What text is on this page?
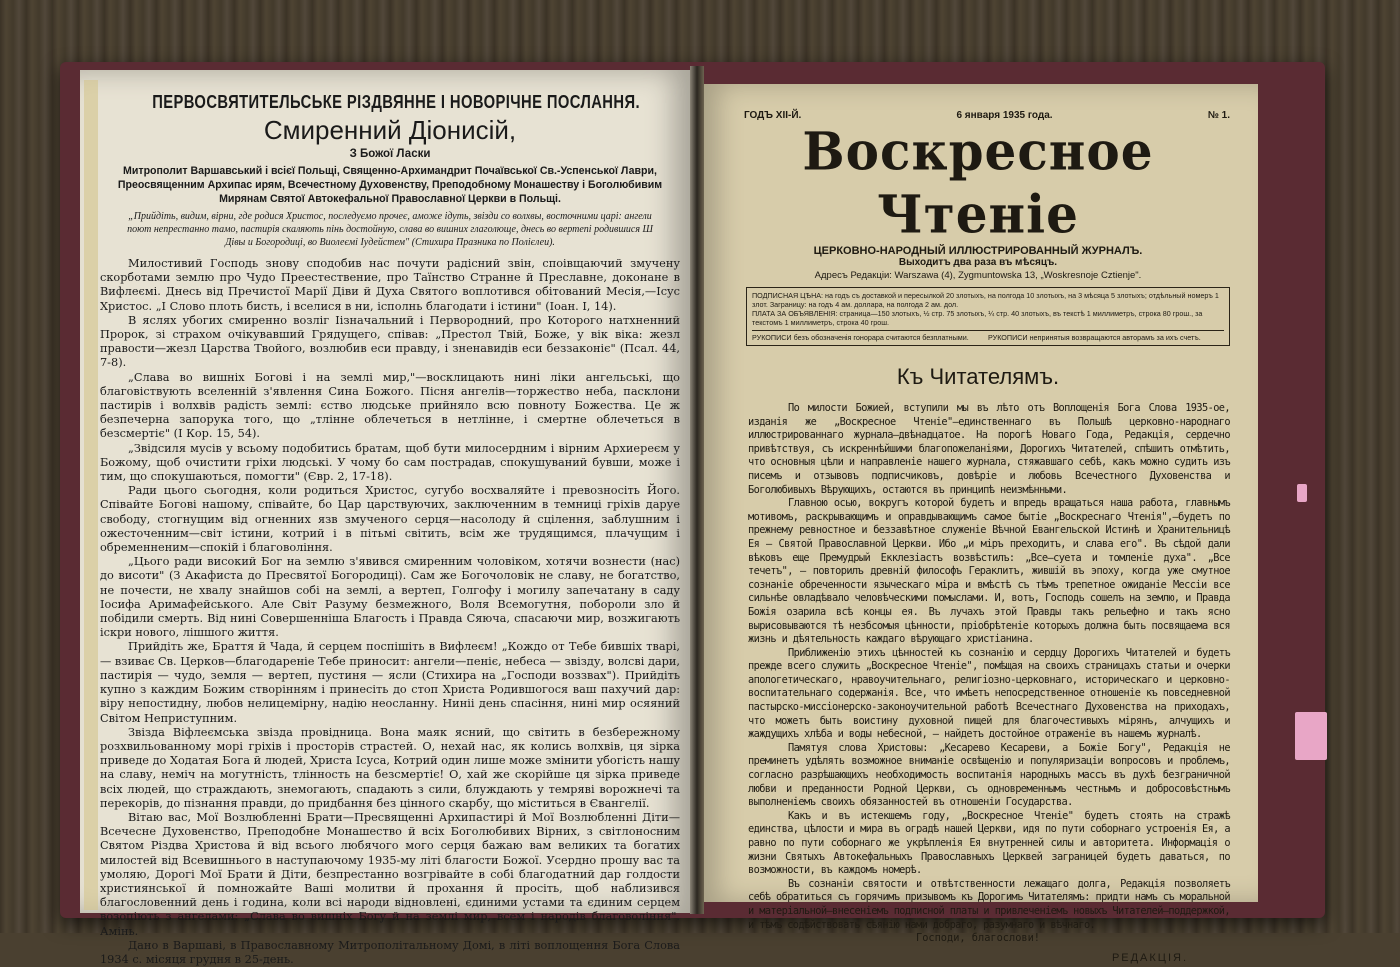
ПЕРВОСВЯТИТЕЛЬСЬКЕ РІЗДВЯННЕ І НОВОРІЧНЕ ПОСЛАННЯ.
Смиренний Діонисій,
З Божої Ласки
Митрополит Варшавський і всієї Польщі, Священно-Архимандрит Почаївської Св.-Успенської Лаври, Преосвященним Архипас ирям, Всечестному Духовенству, Преподобному Монашеству і Боголюбивим Мирянам Святої Автокефальної Православної Церкви в Польщі.
„Прийдіть, видим, вірни, где родися Христос, последуємо прочеє, аможе ідуть, звізди со волхвы, восточними царі: ангели поют непрестанно тамо, пастирія скаляють пінь достойную, слава во вишних глаголюще, днесь во вертепі родившися Ш Дівы и Богородиці, во Виолеємі Іудейстем" (Стихира Празника по Полієлеи).

Милостивий Господь знову сподобив нас почути радісний звін, споівщаючий змучену скорботами землю про Чудо Преестествение, про Таїнство Странне й Преславне, доконане в Вифлеємі. Днесь від Пречистої Марії Діви й Духа Святого воплотився обітований Месія,—Ісус Христос. „І Слово плоть бисть, і вселися в ни, ісполнь благодати і істини" (Іоан. І, 14).

В яслях убогих смиренно возліг Іізначальний і Первородний, про Которого натхненний Пророк, зі страхом очікувавший Грядущего, співав: „Престол Твій, Боже, у вік віка: жезл правости—жезл Царства Твойого, возлюбив еси правду, і зненавидів еси беззаконіє" (Псал. 44, 7-8).

„Слава во вишніх Богові і на землі мир,"—восклицають нині ліки ангельські, що благовіствують вселенній з'явлення Сина Божого. Пісня ангелів—торжество неба, пасклони пастирів і волхвів радість землі: єство людське прийняло всю повноту Божества. Це ж безпечерна запорука того, що „тлінне облечеться в нетлінне, і смертне облечеться в безсмертіє" (І Кор. 15, 54).

„Звідсиля мусів у всьому подобитись братам, щоб бути милосердним і вірним Архиереєм у Божому, щоб очистити гріхи людські. У чому бо сам пострадав, спокушуваний бувши, може і тим, що спокушаються, помогти" (Євр. 2, 17-18).

Ради цього сьогодня, коли родиться Христос, сугубо восхваляйте і превозносіть Його. Співайте Богові нашому, співайте, бо Цар царствуючих, заключенним в темниці гріхів даруе свободу, стогнущим від огненних язв змученого серця—насолоду й сцілення, заблушним і ожесточенним—світ істини, котрий і в пітьмі світить, всім же трудящимся, плачущим і обременненим—спокій і благовоління.

„Цього ради високий Бог на землю з'явився смиренним чоловіком, хотячи вознести (нас) до висоти" (З Акафиста до Пресвятої Богородиці). Сам же Богочоловік не славу, не богатство, не почести, не хвалу знайшов собі на землі, а вертеп, Голгофу і могилу запечатану в саду Іосифа Аримафейського. Але Світ Разуму безмежного, Воля Всемогутня, побороли зло й побідили смерть. Від нині Совершенніша Благость і Правда Сяюча, спасаючи мир, возжигають іскри нового, лішшого життя.

Прийдіть же, Браття й Чада, й серцем поспішіть в Вифлеєм! „Кождо от Тебе бившіх тварі, — взиває Св. Церков—благодареніе Тебе приносит: ангели—пеніє, небеса — звізду, волсві дари, пастирія — чудо, земля — вертеп, пустиня — ясли (Стихира на „Господи воззвах"). Прийдіть купно з каждим Божим створінням і принесіть до стоп Христа Родившогося ваш пахучий дар: віру непостидну, любов нелицемірну, надію неосланну. Ниніі день спасіння, нині мир осяяний Світом Неприступним.

Звізда Віфлеємська звізда провідница. Вона маяк ясний, що світить в безбережному розхвильованному морі гріхів і просторів страстей. О, нехай нас, як колись волхвів, ця зірка приведе до Ходатая Бога й людей, Христа Ісуса, Котрий один лише може змінити убогість нашу на славу, неміч на могутність, тлінность на безсмертіє! О, хай же скорійше ця зірка приведе всіх людей, що страждають, знемогають, спадають з сили, блуждають у темряві ворожнечі та перекорів, до пізнання правди, до придбання без цінного скарбу, що міститься в Євангелії.

Вітаю вас, Мої Возлюбленні Брати—Пресвященні Архипастирі й Мої Возлюбленні Діти—Всечесне Духовенство, Преподобне Монашество й всіх Боголюбивих Вірних, з світлоносним Святом Різдва Христова й від всього любячого мого серця бажаю вам великих та богатих милостей від Всевишнього в наступаючому 1935-му літі благости Божої. Усердно прошу вас та умоляю, Дорогі Мої Брати й Діти, безпрестанно возгрівайте в собі благодатний дар голдости християнської й помножайте Ваші молитви й прохання й просіть, щоб наблизився благословенний день і година, коли всі народи відновлені, єдиними устами та єдиним серцем возопіють з ангелами: „Слава во вишніх Богу й на землі мир, всем і народів благовоління". Амінь.

Дано в Варшаві, в Православному Митрополітальному Домі, в літі воплощення Бога Слова 1934 с. місяця грудня в 25-день.

ГОДЪ XII-Й.	6 января 1935 года.	№ 1.
Воскресное Чтеніе
ЦЕРКОВНО-НАРОДНЫЙ ИЛЛЮСТРИРОВАННЫЙ ЖУРНАЛЪ.
Выходитъ два раза въ мѣсяцъ.
Адресъ Редакціи: Warszawa (4), Zygmuntowska 13, „Woskresnoje Cztienje".
ПОДПИСНАЯ ЦѢНА: на годъ съ доставкой и пересылкой 20 злотыхъ, на полгода 10 злотыхъ, на 3 мѣсяца 5 злотыхъ; отдѣльный номеръ 1 злот. Заграницу: на годъ 4 ам. доллара, на полгода 2 ам. дол.
ПЛАТА ЗА ОБЪЯВЛЕНІЯ: страница—150 злотыхъ, ½ стр. 75 злотыхъ, ¼ стр. 40 злотыхъ, въ текстѣ 1 миллиметръ, строка 80 грош., за текстомъ 1 миллиметръ, строка 40 грош.
РУКОПИСИ безъ обозначенія гонорара считаются безплатными.	РУКОПИСИ непринятыя возвращаются авторамъ за ихъ счетъ.
Къ Читателямъ.

По милости Божией, вступили мы въ лѣто отъ Воплощенія Бога Слова 1935-ое, изданія же „Воскресное Чтеніе"—единственнаго въ Польшѣ церковно-народнаго иллюстрированнаго журнала—двѣнадцатое. На порогѣ Новаго Года, Редакція, сердечно привѣтствуя, съ искреннѣйшими благопожеланіями, Дорогихъ Читателей, спѣшитъ отмѣтить, что основныя цѣли и направленіе нашего журнала, стяжавшаго себѣ, какъ можно судить изъ писемъ и отзывовъ подписчиковъ, довѣріе и любовь Всечестного Духовенства и Боголюбивыхъ Вѣрующихъ, остаются въ принципѣ неизмѣнными.

Главною осью, вокругъ которой будетъ и впредь вращаться наша работа, главнымъ мотивомъ, раскрывающимъ и оправдывающимъ самое бытіе „Воскреснаго Чтенія",—будетъ по прежнему ревностное и беззавѣтное служеніе Вѣчной Евангельской Истинѣ и Хранительницѣ Ея — Святой Православной Церкви. Ибо „и міръ преходитъ, и слава его". Въ сѣдой дали вѣковъ еще Премудрый Екклезіастъ возвѣстилъ: „Все—суета и томленіе духа". „Все течетъ", — повторилъ древній философъ Гераклитъ, жившій въ эпоху, когда уже смутное сознаніе обреченности языческаго міра и вмѣстѣ съ тѣмъ трепетное ожиданіе Мессіи все сильнѣе овладѣвало человѣческими помыслами. И, вотъ, Господь сошелъ на землю, и Правда Божія озарила всѣ концы ея. Въ лучахъ этой Правды такъ рельефно и такъ ясно вырисовываются тѣ незбсомыя цѣнности, пріобрѣтеніе которыхъ должна быть посвящаема вся жизнь и дѣятельность каждаго вѣрующаго христіанина.

Приближенію этихъ цѣнностей къ сознанію и сердцу Дорогихъ Читателей и будетъ прежде всего служить „Воскресное Чтеніе", помѣщая на своихъ страницахъ статьи и очерки апологетическаго, нравоучительнаго, религіозно-церковнаго, историческаго и церковно-воспитательнаго содержанія. Все, что имѣетъ непосредственное отношеніе къ повседневной пастырско-миссіонерско-законоучительной работѣ Всечестнаго Духовенства на приходахъ, что можетъ быть воистину духовной пищей для благочестивыхъ мірянъ, алчущихъ и жаждущихъ хлѣба и воды небесной, — найдетъ достойное отраженіе въ нашемъ журналѣ.

Памятуя слова Христовы: „Кесарево Кесареви, а Божіе Богу", Редакція не преминетъ удѣлять возможное вниманіе освѣщенію и популяризаціи вопросовъ и проблемъ, согласно разрѣшающихъ необходимость воспитанія народныхъ массъ въ духѣ безграничной любви и преданности Родной Церкви, съ одновременнымъ честнымъ и добросовѣстнымъ выполненіемъ своихъ обязанностей въ отношеніи Государства.

Какъ и въ истекшемъ году, „Воскресное Чтеніе" будетъ стоять на стражѣ единства, цѣлости и мира въ оградѣ нашей Церкви, идя по пути соборнаго устроенія Ея, а равно по пути соборнаго же укрѣпленія Ея внутренней силы и авторитета. Информація о жизни Святыхъ Автокефальныхъ Православныхъ Церквей заграницей будетъ даваться, по возможности, въ каждомъ номерѣ.

Въ сознаніи святости и отвѣтственности лежащаго долга, Редакція позволяетъ себѣ обратиться съ горячимъ призывомъ къ Дорогимъ Читателямъ: придти намъ съ моральной и матеріальной—внесеніемъ подписной платы и привлеченіемъ новыхъ Читателей—поддержкой, и тѣмъ содѣйствовать сѣянію нами добраго, разумнаго и вѣчнаго.

Господи, благослови!
РЕДАКЦІЯ.
